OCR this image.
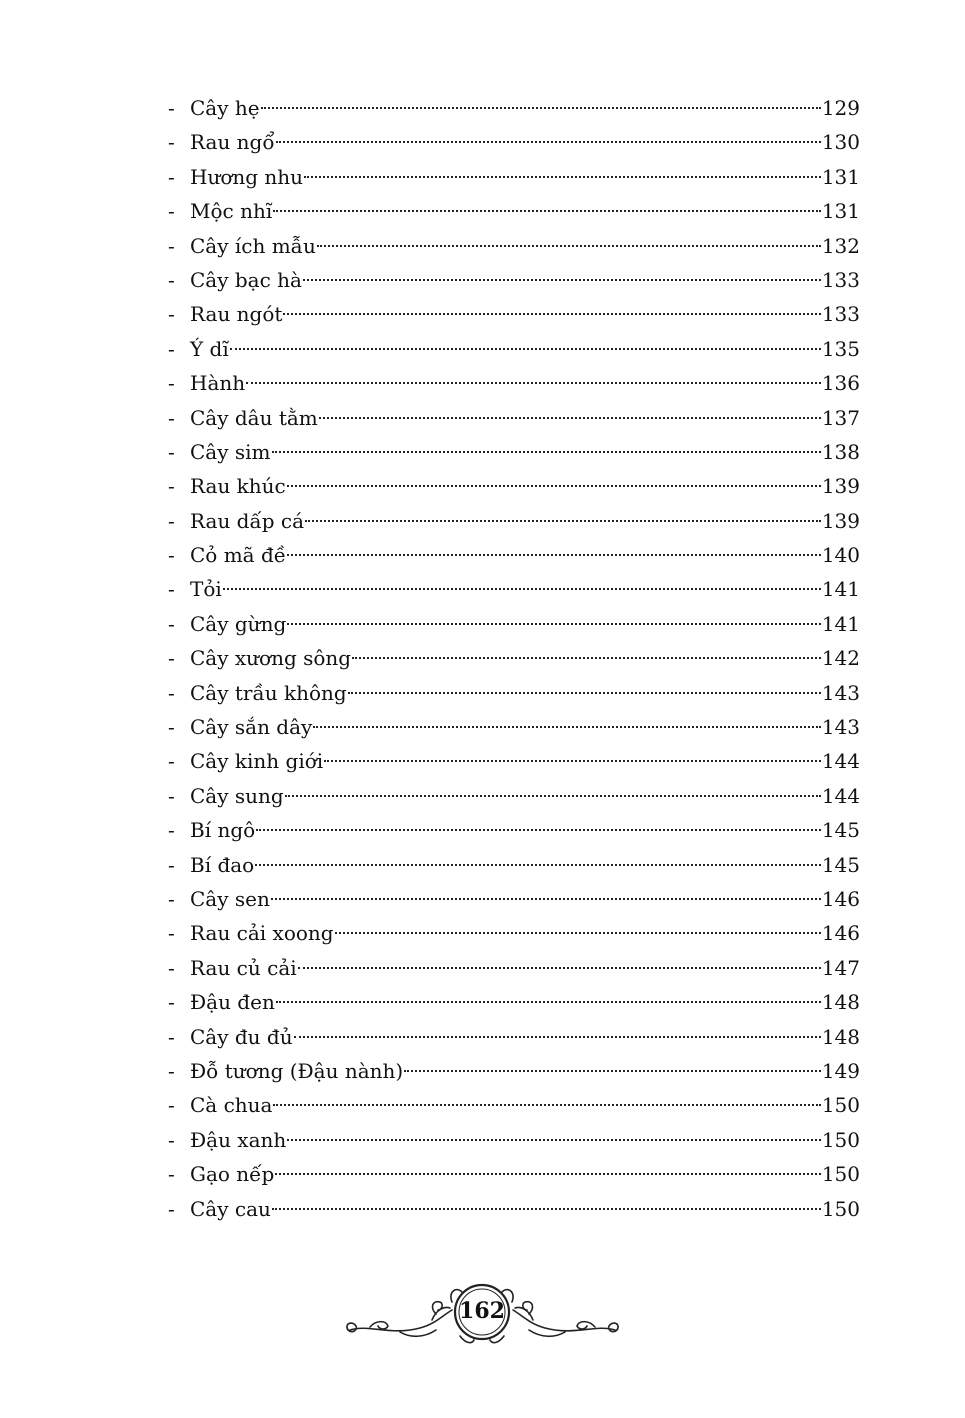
- Cây hẹ	129
- Rau ngổ	130
- Hương nhu	131
- Mộc nhĩ	131
- Cây ích mẫu	132
- Cây bạc hà	133
- Rau ngót	133
- Ý dĩ	135
- Hành	136
- Cây dâu tằm	137
- Cây sim	138
- Rau khúc	139
- Rau dấp cá	139
- Cỏ mã đề	140
- Tỏi	141
- Cây gừng	141
- Cây xương sông	142
- Cây trầu không	143
- Cây sắn dây	143
- Cây kinh giới	144
- Cây sung	144
- Bí ngô	145
- Bí đao	145
- Cây sen	146
- Rau cải xoong	146
- Rau củ cải	147
- Đậu đen	148
- Cây đu đủ	148
- Đỗ tương (Đậu nành)	149
- Cà chua	150
- Đậu xanh	150
- Gạo nếp	150
- Cây cau	150
162
